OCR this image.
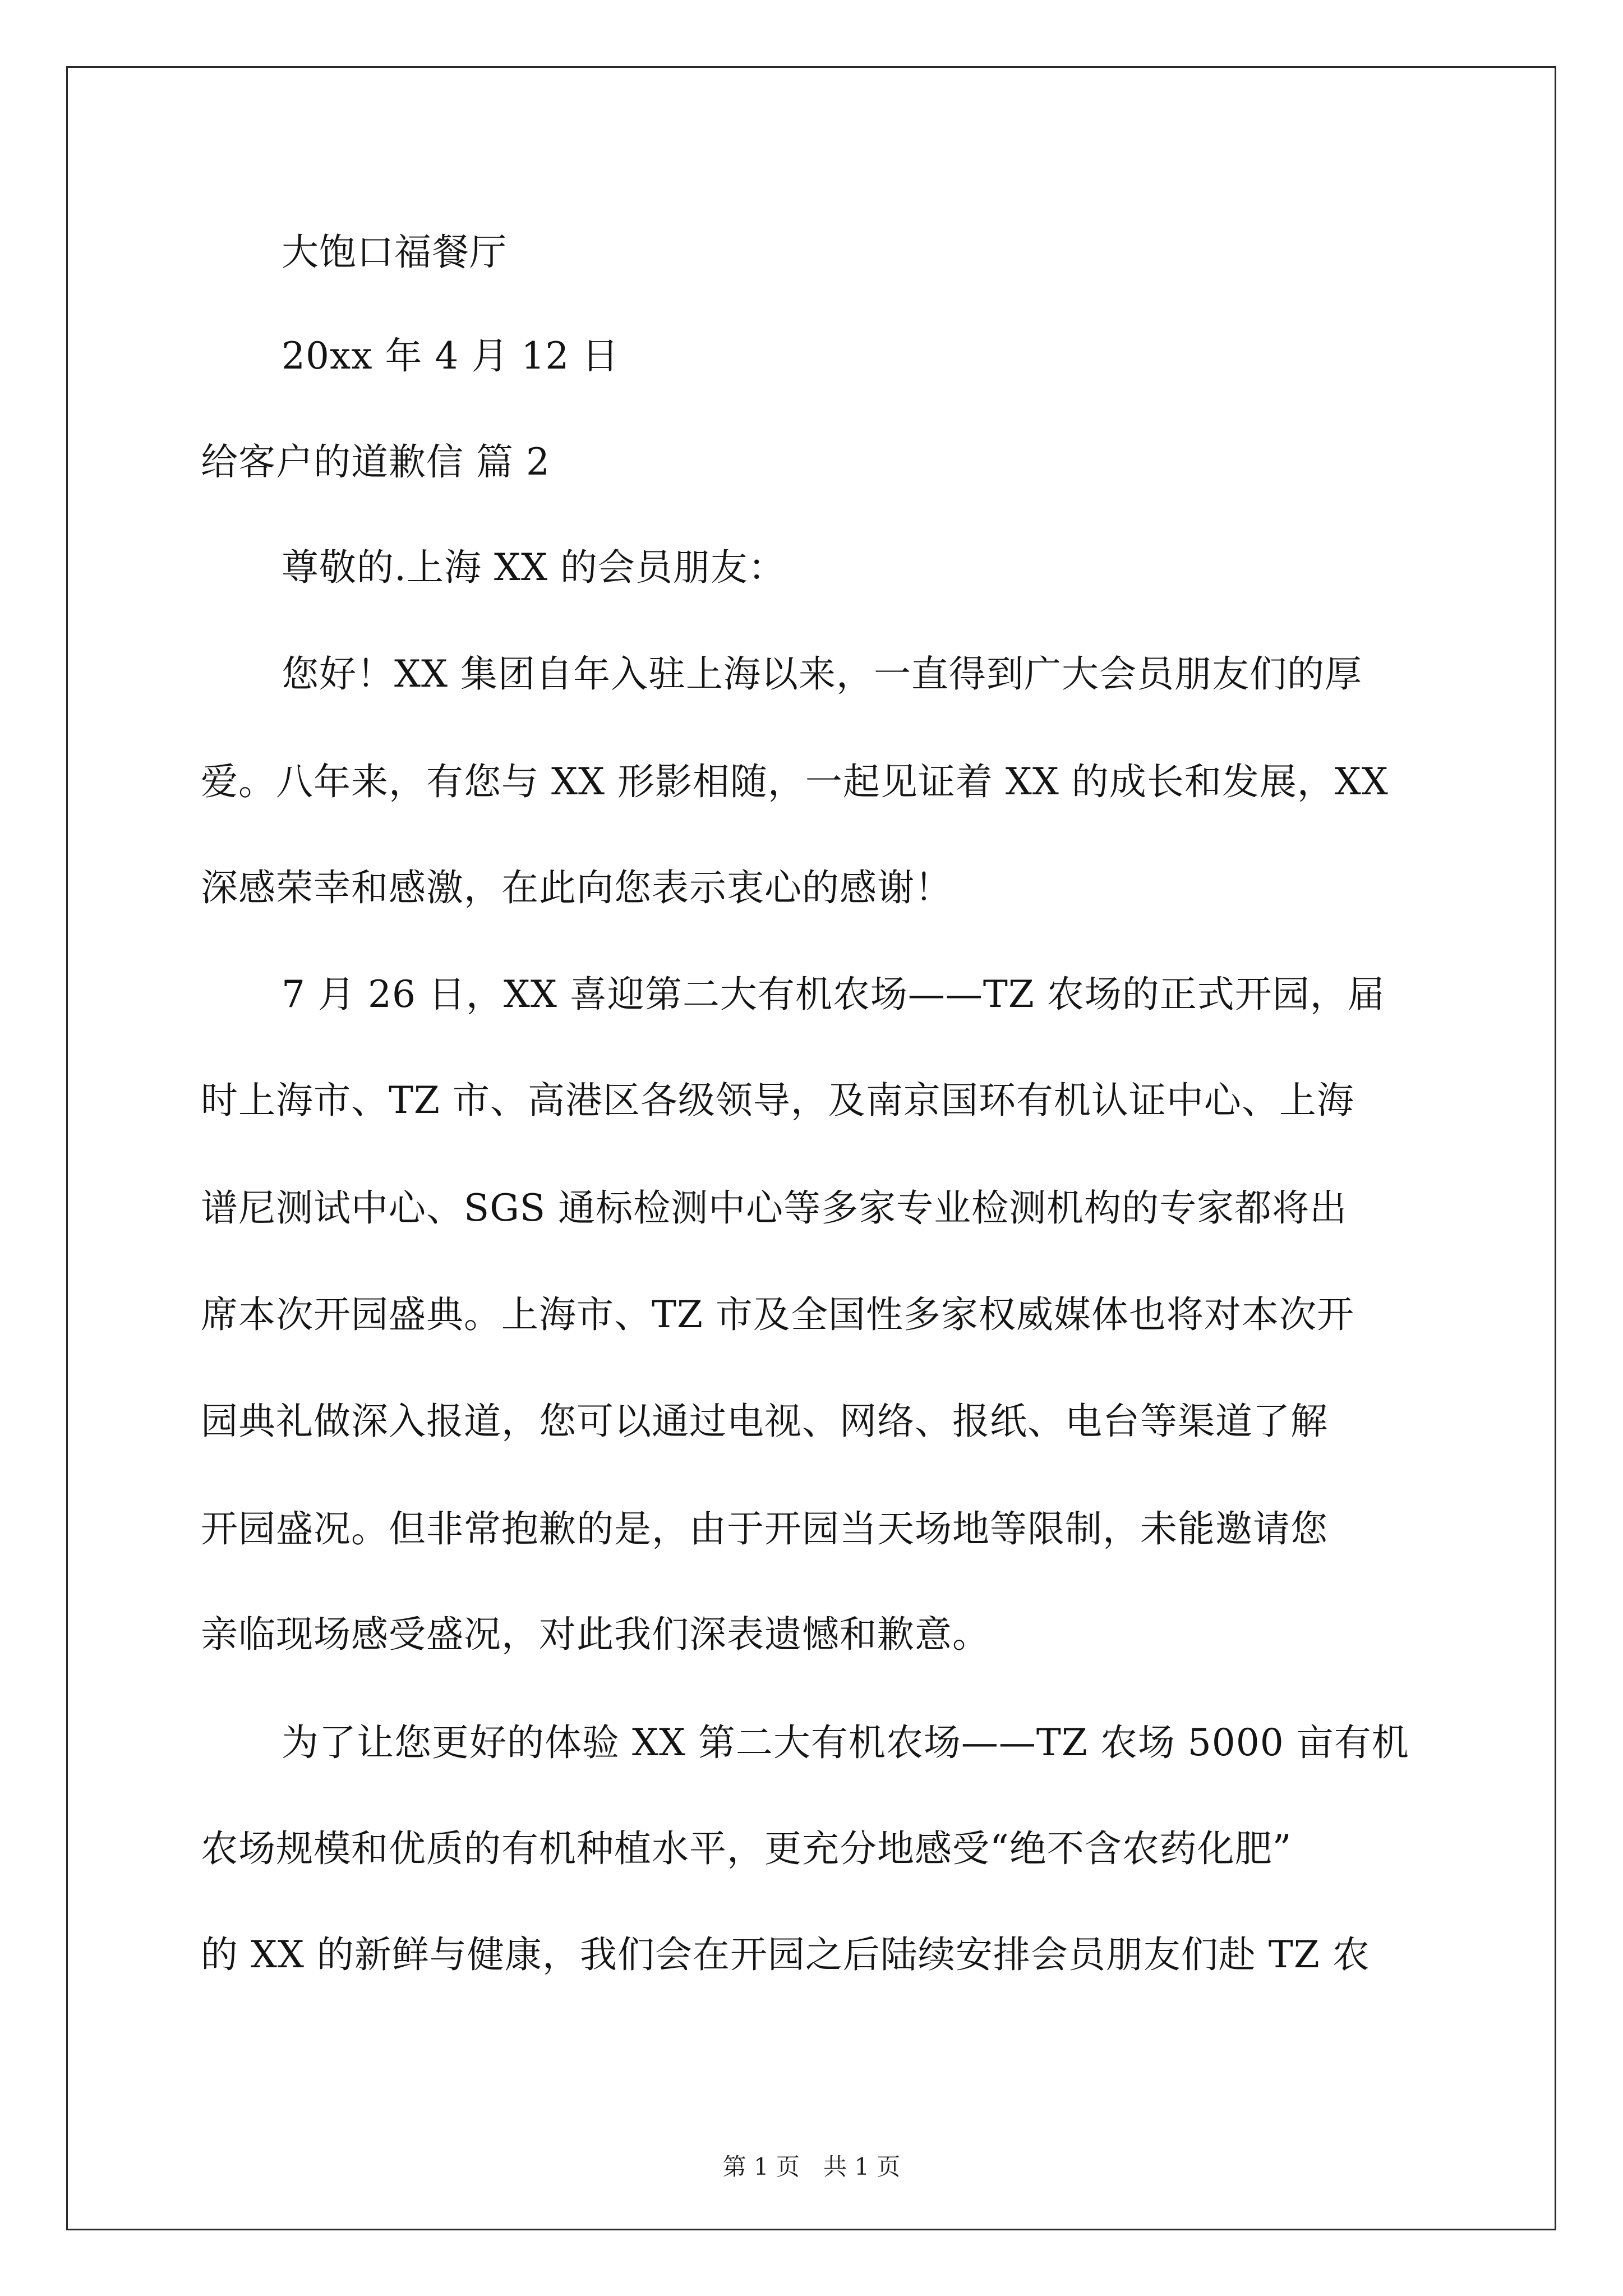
大饱口福餐厅
20xx 年 4 月 12 日
给客户的道歉信 篇 2
尊敬的.上海 XX 的会员朋友：
您好！XX 集团自年入驻上海以来，一直得到广大会员朋友们的厚
爱。八年来，有您与 XX 形影相随，一起见证着 XX 的成长和发展，XX
深感荣幸和感激，在此向您表示衷心的感谢！
7 月 26 日，XX 喜迎第二大有机农场——TZ 农场的正式开园，届
时上海市、TZ 市、高港区各级领导，及南京国环有机认证中心、上海
谱尼测试中心、SGS 通标检测中心等多家专业检测机构的专家都将出
席本次开园盛典。上海市、TZ 市及全国性多家权威媒体也将对本次开
园典礼做深入报道，您可以通过电视、网络、报纸、电台等渠道了解
开园盛况。但非常抱歉的是，由于开园当天场地等限制，未能邀请您
亲临现场感受盛况，对此我们深表遗憾和歉意。
为了让您更好的体验 XX 第二大有机农场——TZ 农场 5000 亩有机
农场规模和优质的有机种植水平，更充分地感受“绝不含农药化肥”
的 XX 的新鲜与健康，我们会在开园之后陆续安排会员朋友们赴 TZ 农
第 1 页　共 1 页
